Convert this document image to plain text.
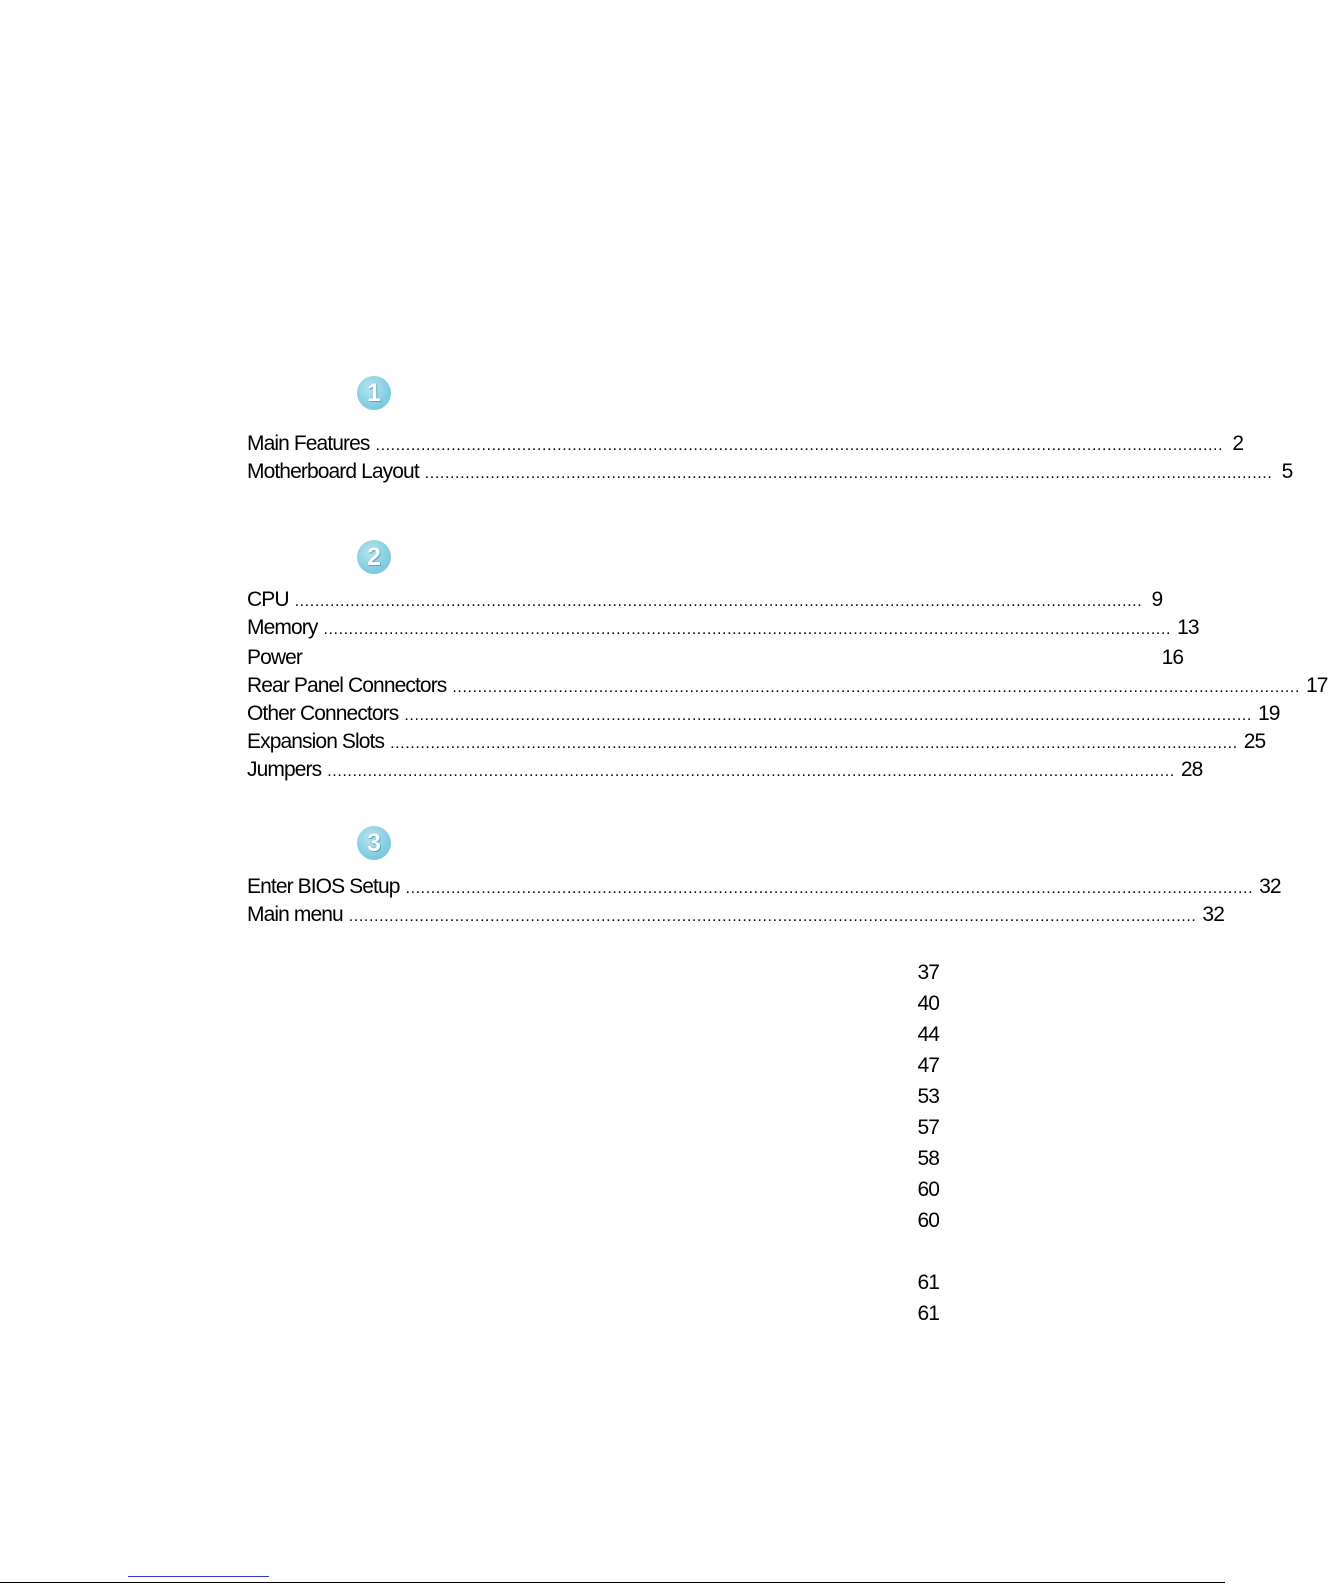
1
Main Features ........................................................................................................................................................................ 2
Motherboard Layout ........................................................................................................................................................................ 5
2
CPU ........................................................................................................................................................................ 9
Memory ........................................................................................................................................................................ 13
Power	16
Rear Panel Connectors ........................................................................................................................................................................ 17
Other Connectors ........................................................................................................................................................................ 19
Expansion Slots ........................................................................................................................................................................ 25
Jumpers ........................................................................................................................................................................ 28
3
Enter BIOS Setup ........................................................................................................................................................................ 32
Main menu ........................................................................................................................................................................ 32
37
40
44
47
53
57
58
60
60
61
61
